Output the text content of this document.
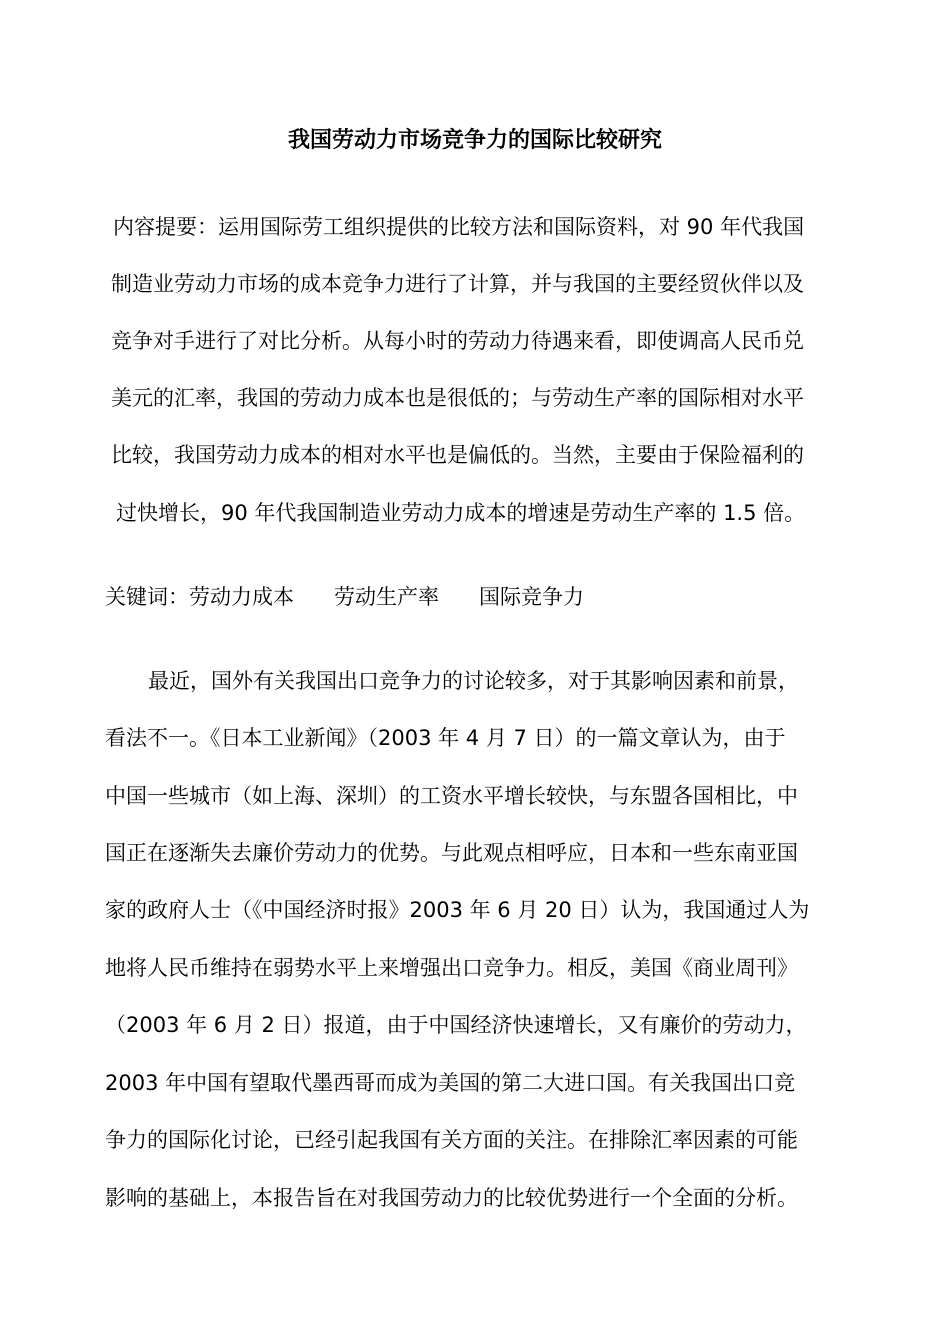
我国劳动力市场竞争力的国际比较研究
内容提要：运用国际劳工组织提供的比较方法和国际资料，对 90 年代我国
制造业劳动力市场的成本竞争力进行了计算，并与我国的主要经贸伙伴以及
竞争对手进行了对比分析。从每小时的劳动力待遇来看，即使调高人民币兑
美元的汇率，我国的劳动力成本也是很低的；与劳动生产率的国际相对水平
比较，我国劳动力成本的相对水平也是偏低的。当然，主要由于保险福利的
过快增长，90 年代我国制造业劳动力成本的增速是劳动生产率的 1.5 倍。
关键词：劳动力成本 劳动生产率 国际竞争力
最近，国外有关我国出口竞争力的讨论较多，对于其影响因素和前景，
看法不一。《日本工业新闻》（2003 年 4 月 7 日）的一篇文章认为，由于
中国一些城市（如上海、深圳）的工资水平增长较快，与东盟各国相比，中
国正在逐渐失去廉价劳动力的优势。与此观点相呼应，日本和一些东南亚国
家的政府人士（《中国经济时报》2003 年 6 月 20 日）认为，我国通过人为
地将人民币维持在弱势水平上来增强出口竞争力。相反，美国《商业周刊》
（2003 年 6 月 2 日）报道，由于中国经济快速增长，又有廉价的劳动力，
2003 年中国有望取代墨西哥而成为美国的第二大进口国。有关我国出口竞
争力的国际化讨论，已经引起我国有关方面的关注。在排除汇率因素的可能
影响的基础上，本报告旨在对我国劳动力的比较优势进行一个全面的分析。
